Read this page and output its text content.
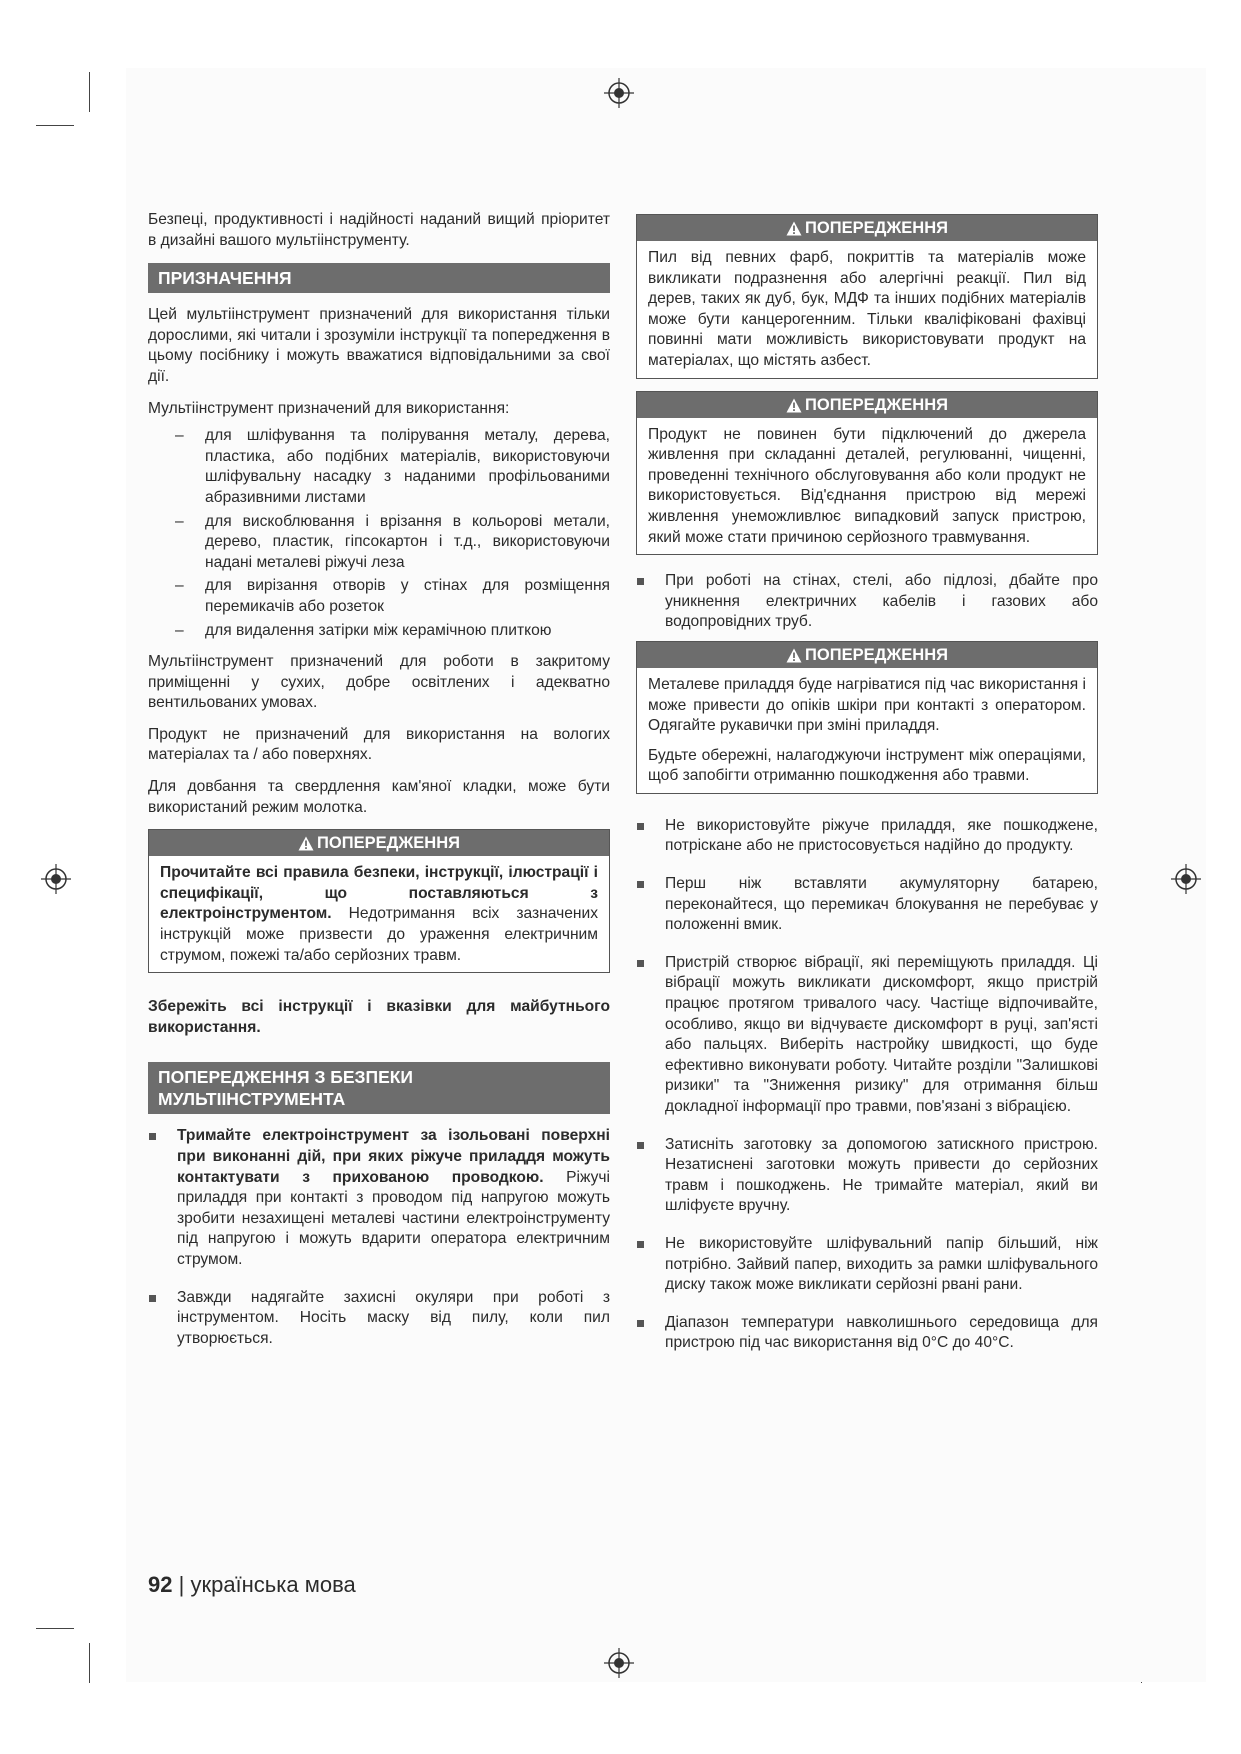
Безпеці, продуктивності і надійності наданий вищий пріоритет в дизайні вашого мультіінструменту.

ПРИЗНАЧЕННЯ

Цей мультіінструмент призначений для використання тільки дорослими, які читали і зрозуміли інструкції та попередження в цьому посібнику і можуть вважатися відповідальними за свої дії.

Мультіінструмент призначений для використання:

– для шліфування та полірування металу, дерева, пластика, або подібних матеріалів, використовуючи шліфувальну насадку з наданими профільованими абразивними листами
– для вискоблювання і врізання в кольорові метали, дерево, пластик, гіпсокартон і т.д., використовуючи надані металеві ріжучі леза
– для вирізання отворів у стінах для розміщення перемикачів або розеток
– для видалення затірки між керамічною плиткою

Мультіінструмент призначений для роботи в закритому приміщенні у сухих, добре освітлених і адекватно вентильованих умовах.

Продукт не призначений для використання на вологих матеріалах та / або поверхнях.

Для довбання та свердлення кам'яної кладки, може бути використаний режим молотка.

ПОПЕРЕДЖЕННЯ

Прочитайте всі правила безпеки, інструкції, ілюстрації і специфікації, що поставляються з електроінструментом. Недотримання всіх зазначених інструкцій може призвести до ураження електричним струмом, пожежі та/або серйозних травм.

Збережіть всі інструкції і вказівки для майбутнього використання.

ПОПЕРЕДЖЕННЯ З БЕЗПЕКИ МУЛЬТІІНСТРУМЕНТА
Тримайте електроінструмент за ізольовані поверхні при виконанні дій, при яких ріжуче приладдя можуть контактувати з прихованою проводкою. Ріжучі приладдя при контакті з проводом під напругою можуть зробити незахищені металеві частини електроінструменту під напругою і можуть вдарити оператора електричним струмом.
Завжди надягайте захисні окуляри при роботі з інструментом. Носіть маску від пилу, коли пил утворюється.
ПОПЕРЕДЖЕННЯ

Пил від певних фарб, покриттів та матеріалів може викликати подразнення або алергічні реакції. Пил від дерев, таких як дуб, бук, МДФ та інших подібних матеріалів може бути канцерогенним. Тільки кваліфіковані фахівці повинні мати можливість використовувати продукт на матеріалах, що містять азбест.

ПОПЕРЕДЖЕННЯ

Продукт не повинен бути підключений до джерела живлення при складанні деталей, регулюванні, чищенні, проведенні технічного обслуговування або коли продукт не використовується. Від'єднання пристрою від мережі живлення унеможливлює випадковий запуск пристрою, який може стати причиною серйозного травмування.

При роботі на стінах, стелі, або підлозі, дбайте про уникнення електричних кабелів і газових або водопровідних труб.
ПОПЕРЕДЖЕННЯ

Металеве приладдя буде нагріватися під час використання і може привести до опіків шкіри при контакті з оператором. Одягайте рукавички при зміні приладдя.

Будьте обережні, налагоджуючи інструмент між операціями, щоб запобігти отриманню пошкодження або травми.

Не використовуйте ріжуче приладдя, яке пошкоджене, потріскане або не пристосовується надійно до продукту.
Перш ніж вставляти акумуляторну батарею, переконайтеся, що перемикач блокування не перебуває у положенні вмик.
Пристрій створює вібрації, які переміщують приладдя. Ці вібрації можуть викликати дискомфорт, якщо пристрій працює протягом тривалого часу. Частіще відпочивайте, особливо, якщо ви відчуваєте дискомфорт в руці, зап'ясті або пальцях. Виберіть настройку швидкості, що буде ефективно виконувати роботу. Читайте розділи "Залишкові ризики" та "Зниження ризику" для отримання більш докладної інформації про травми, пов'язані з вібрацією.
Затисніть заготовку за допомогою затискного пристрою. Незатиснені заготовки можуть привести до серйозних травм і пошкоджень. Не тримайте матеріал, який ви шліфуєте вручну.
Не використовуйте шліфувальний папір більший, ніж потрібно. Зайвий папер, виходить за рамки шліфувального диску також може викликати серйозні рвані рани.
Діапазон температури навколишнього середовища для пристрою під час використання від 0°C до 40°C.
92 | українська мова
